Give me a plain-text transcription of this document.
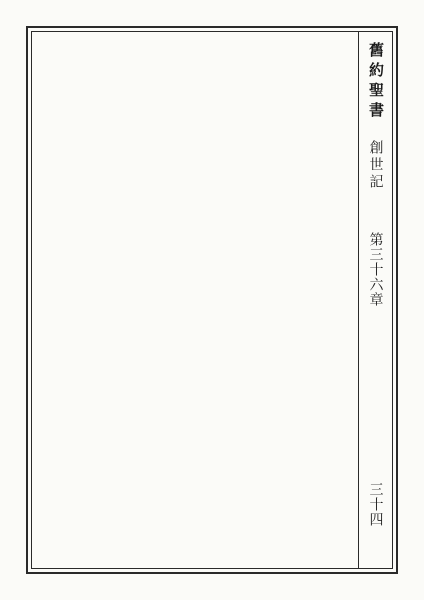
舊約聖書
創世記
第三十六章
三十四
